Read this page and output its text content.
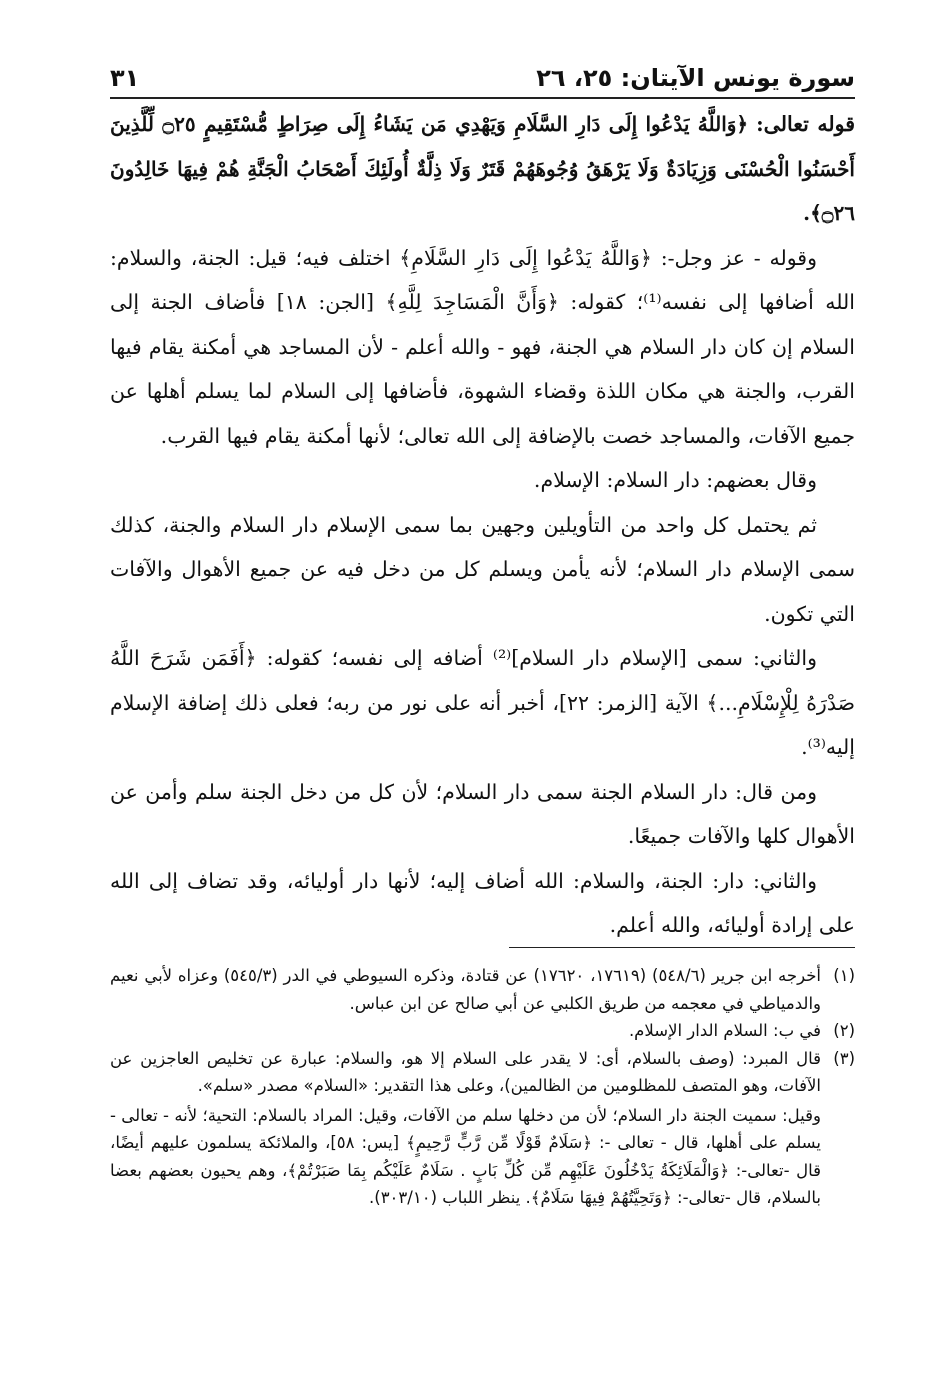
سورة يونس الآيتان: ٢٥، ٢٦
٣١

قوله تعالى: ﴿وَاللَّهُ يَدْعُوا إِلَى دَارِ السَّلَامِ وَيَهْدِي مَن يَشَاءُ إِلَى صِرَاطٍ مُّسْتَقِيمٍ ۝٢٥ لِّلَّذِينَ أَحْسَنُوا الْحُسْنَى وَزِيَادَةٌ وَلَا يَرْهَقُ وُجُوهَهُمْ قَتَرٌ وَلَا ذِلَّةٌ أُولَئِكَ أَصْحَابُ الْجَنَّةِ هُمْ فِيهَا خَالِدُونَ ۝٢٦﴾.

وقوله - عز وجل-: ﴿وَاللَّهُ يَدْعُوا إِلَى دَارِ السَّلَامِ﴾ اختلف فيه؛ قيل: الجنة، والسلام: الله أضافها إلى نفسه⁽¹⁾؛ كقوله: ﴿وَأَنَّ الْمَسَاجِدَ لِلَّهِ﴾ [الجن: ١٨] فأضاف الجنة إلى السلام إن كان دار السلام هي الجنة، فهو - والله أعلم - لأن المساجد هي أمكنة يقام فيها القرب، والجنة هي مكان اللذة وقضاء الشهوة، فأضافها إلى السلام لما يسلم أهلها عن جميع الآفات، والمساجد خصت بالإضافة إلى الله تعالى؛ لأنها أمكنة يقام فيها القرب.

وقال بعضهم: دار السلام: الإسلام.

ثم يحتمل كل واحد من التأويلين وجهين بما سمى الإسلام دار السلام والجنة، كذلك سمى الإسلام دار السلام؛ لأنه يأمن ويسلم كل من دخل فيه عن جميع الأهوال والآفات التي تكون.

والثاني: سمى [الإسلام دار السلام]⁽²⁾ أضافه إلى نفسه؛ كقوله: ﴿أَفَمَن شَرَحَ اللَّهُ صَدْرَهُ لِلْإِسْلَامِ...﴾ الآية [الزمر: ٢٢]، أخبر أنه على نور من ربه؛ فعلى ذلك إضافة الإسلام إليه⁽³⁾.

ومن قال: دار السلام الجنة سمى دار السلام؛ لأن كل من دخل الجنة سلم وأمن عن الأهوال كلها والآفات جميعًا.

والثاني: دار: الجنة، والسلام: الله أضاف إليه؛ لأنها دار أوليائه، وقد تضاف إلى الله على إرادة أوليائه، والله أعلم.

(١)
أخرجه ابن جرير (٥٤٨/٦) (١٧٦١٩، ١٧٦٢٠) عن قتادة، وذكره السيوطي في الدر (٥٤٥/٣) وعزاه لأبي نعيم والدمياطي في معجمه من طريق الكلبي عن أبي صالح عن ابن عباس.
(٢)
في ب: السلام الدار الإسلام.
(٣)
قال المبرد: (وصف بالسلام، أى: لا يقدر على السلام إلا هو، والسلام: عبارة عن تخليص العاجزين عن الآفات، وهو المتصف للمظلومين من الظالمين)، وعلى هذا التقدير: «السلام» مصدر «سلم».

وقيل: سميت الجنة دار السلام؛ لأن من دخلها سلم من الآفات، وقيل: المراد بالسلام: التحية؛ لأنه - تعالى - يسلم على أهلها، قال - تعالى -: ﴿سَلَامٌ قَوْلًا مِّن رَّبٍّ رَّحِيمٍ﴾ [يس: ٥٨]، والملائكة يسلمون عليهم أيضًا، قال -تعالى-: ﴿وَالْمَلَائِكَةُ يَدْخُلُونَ عَلَيْهِم مِّن كُلِّ بَابٍ . سَلَامٌ عَلَيْكُم بِمَا صَبَرْتُمْ﴾، وهم يحيون بعضهم بعضا بالسلام، قال -تعالى-: ﴿وَتَحِيَّتُهُمْ فِيهَا سَلَامٌ﴾. ينظر اللباب (٣٠٣/١٠).
